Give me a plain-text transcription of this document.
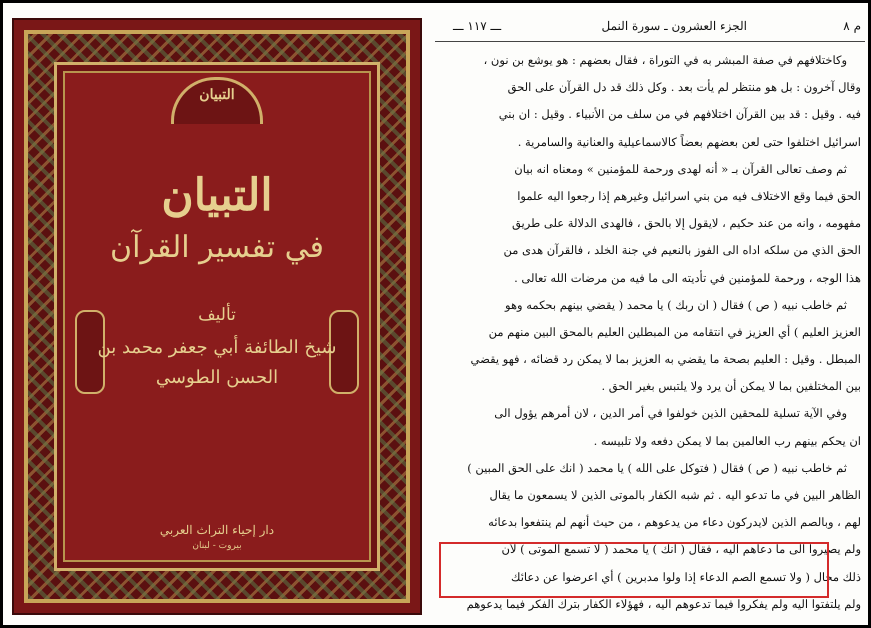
التبيان
التبيان
في تفسير القرآن
تأليف
شيخ الطائفة أبي جعفر محمد بن الحسن الطوسي
دار إحياء التراث العربي
بيروت - لبنان
م ٨
الجزء العشرون ـ سورة النمل
ـــ ١١٧ ـــ
وكاختلافهم في صفة المبشر به في التوراة ، فقال بعضهم : هو يوشع بن نون ،
وقال آخرون : بل هو منتظر لم يأت بعد . وكل ذلك قد دل القرآن على الحق
فيه . وقيل : قد بين القرآن اختلافهم في من سلف من الأنبياء . وقيل : ان بني
اسرائيل اختلفوا حتى لعن بعضهم بعضاً كالاسماعيلية والعنانية والسامرية .
ثم وصف تعالى القرآن بـ « أنه لهدى ورحمة للمؤمنين » ومعناه انه بيان
الحق فيما وقع الاختلاف فيه من بني اسرائيل وغيرهم إذا رجعوا اليه علموا
مفهومه ، وانه من عند حكيم ، لايقول إلا بالحق ، فالهدى الدلالة على طريق
الحق الذي من سلكه اداه الى الفوز بالنعيم في جنة الخلد ، فالقرآن هدى من
هذا الوجه ، ورحمة للمؤمنين في تأديته الى ما فيه من مرضات الله تعالى .
ثم خاطب نبيه ( ص ) فقال ( ان ربك ) يا محمد ( يقضي بينهم بحكمه وهو
العزيز العليم ) أي العزيز في انتقامه من المبطلين العليم بالمحق البين منهم من
المبطل . وقيل : العليم بصحة ما يقضي به العزيز بما لا يمكن رد قضائه ، فهو يقضي
بين المختلفين بما لا يمكن أن يرد ولا يلتبس بغير الحق .
وفي الآية تسلية للمحقين الذين خولفوا في أمر الدين ، لان أمرهم يؤول الى
ان يحكم بينهم رب العالمين بما لا يمكن دفعه ولا تلبيسه .
ثم خاطب نبيه ( ص ) فقال ( فتوكل على الله ) يا محمد ( انك على الحق المبين )
الظاهر البين في ما تدعو اليه . ثم شبه الكفار بالموتى الذين لا يسمعون ما يقال
لهم ، وبالصم الذين لايدركون دعاء من يدعوهم ، من حيث أنهم لم ينتفعوا بدعائه
ولم يصيروا الى ما دعاهم اليه ، فقال ( انك ) يا محمد ( لا تسمع الموتى ) لأن
ذلك محال ( ولا تسمع الصم الدعاء إذا ولوا مدبرين ) أي اعرضوا عن دعائك
ولم يلتفتوا اليه ولم يفكروا فيما تدعوهم اليه ، فهؤلاء الكفار بترك الفكر فيما يدعوهم
